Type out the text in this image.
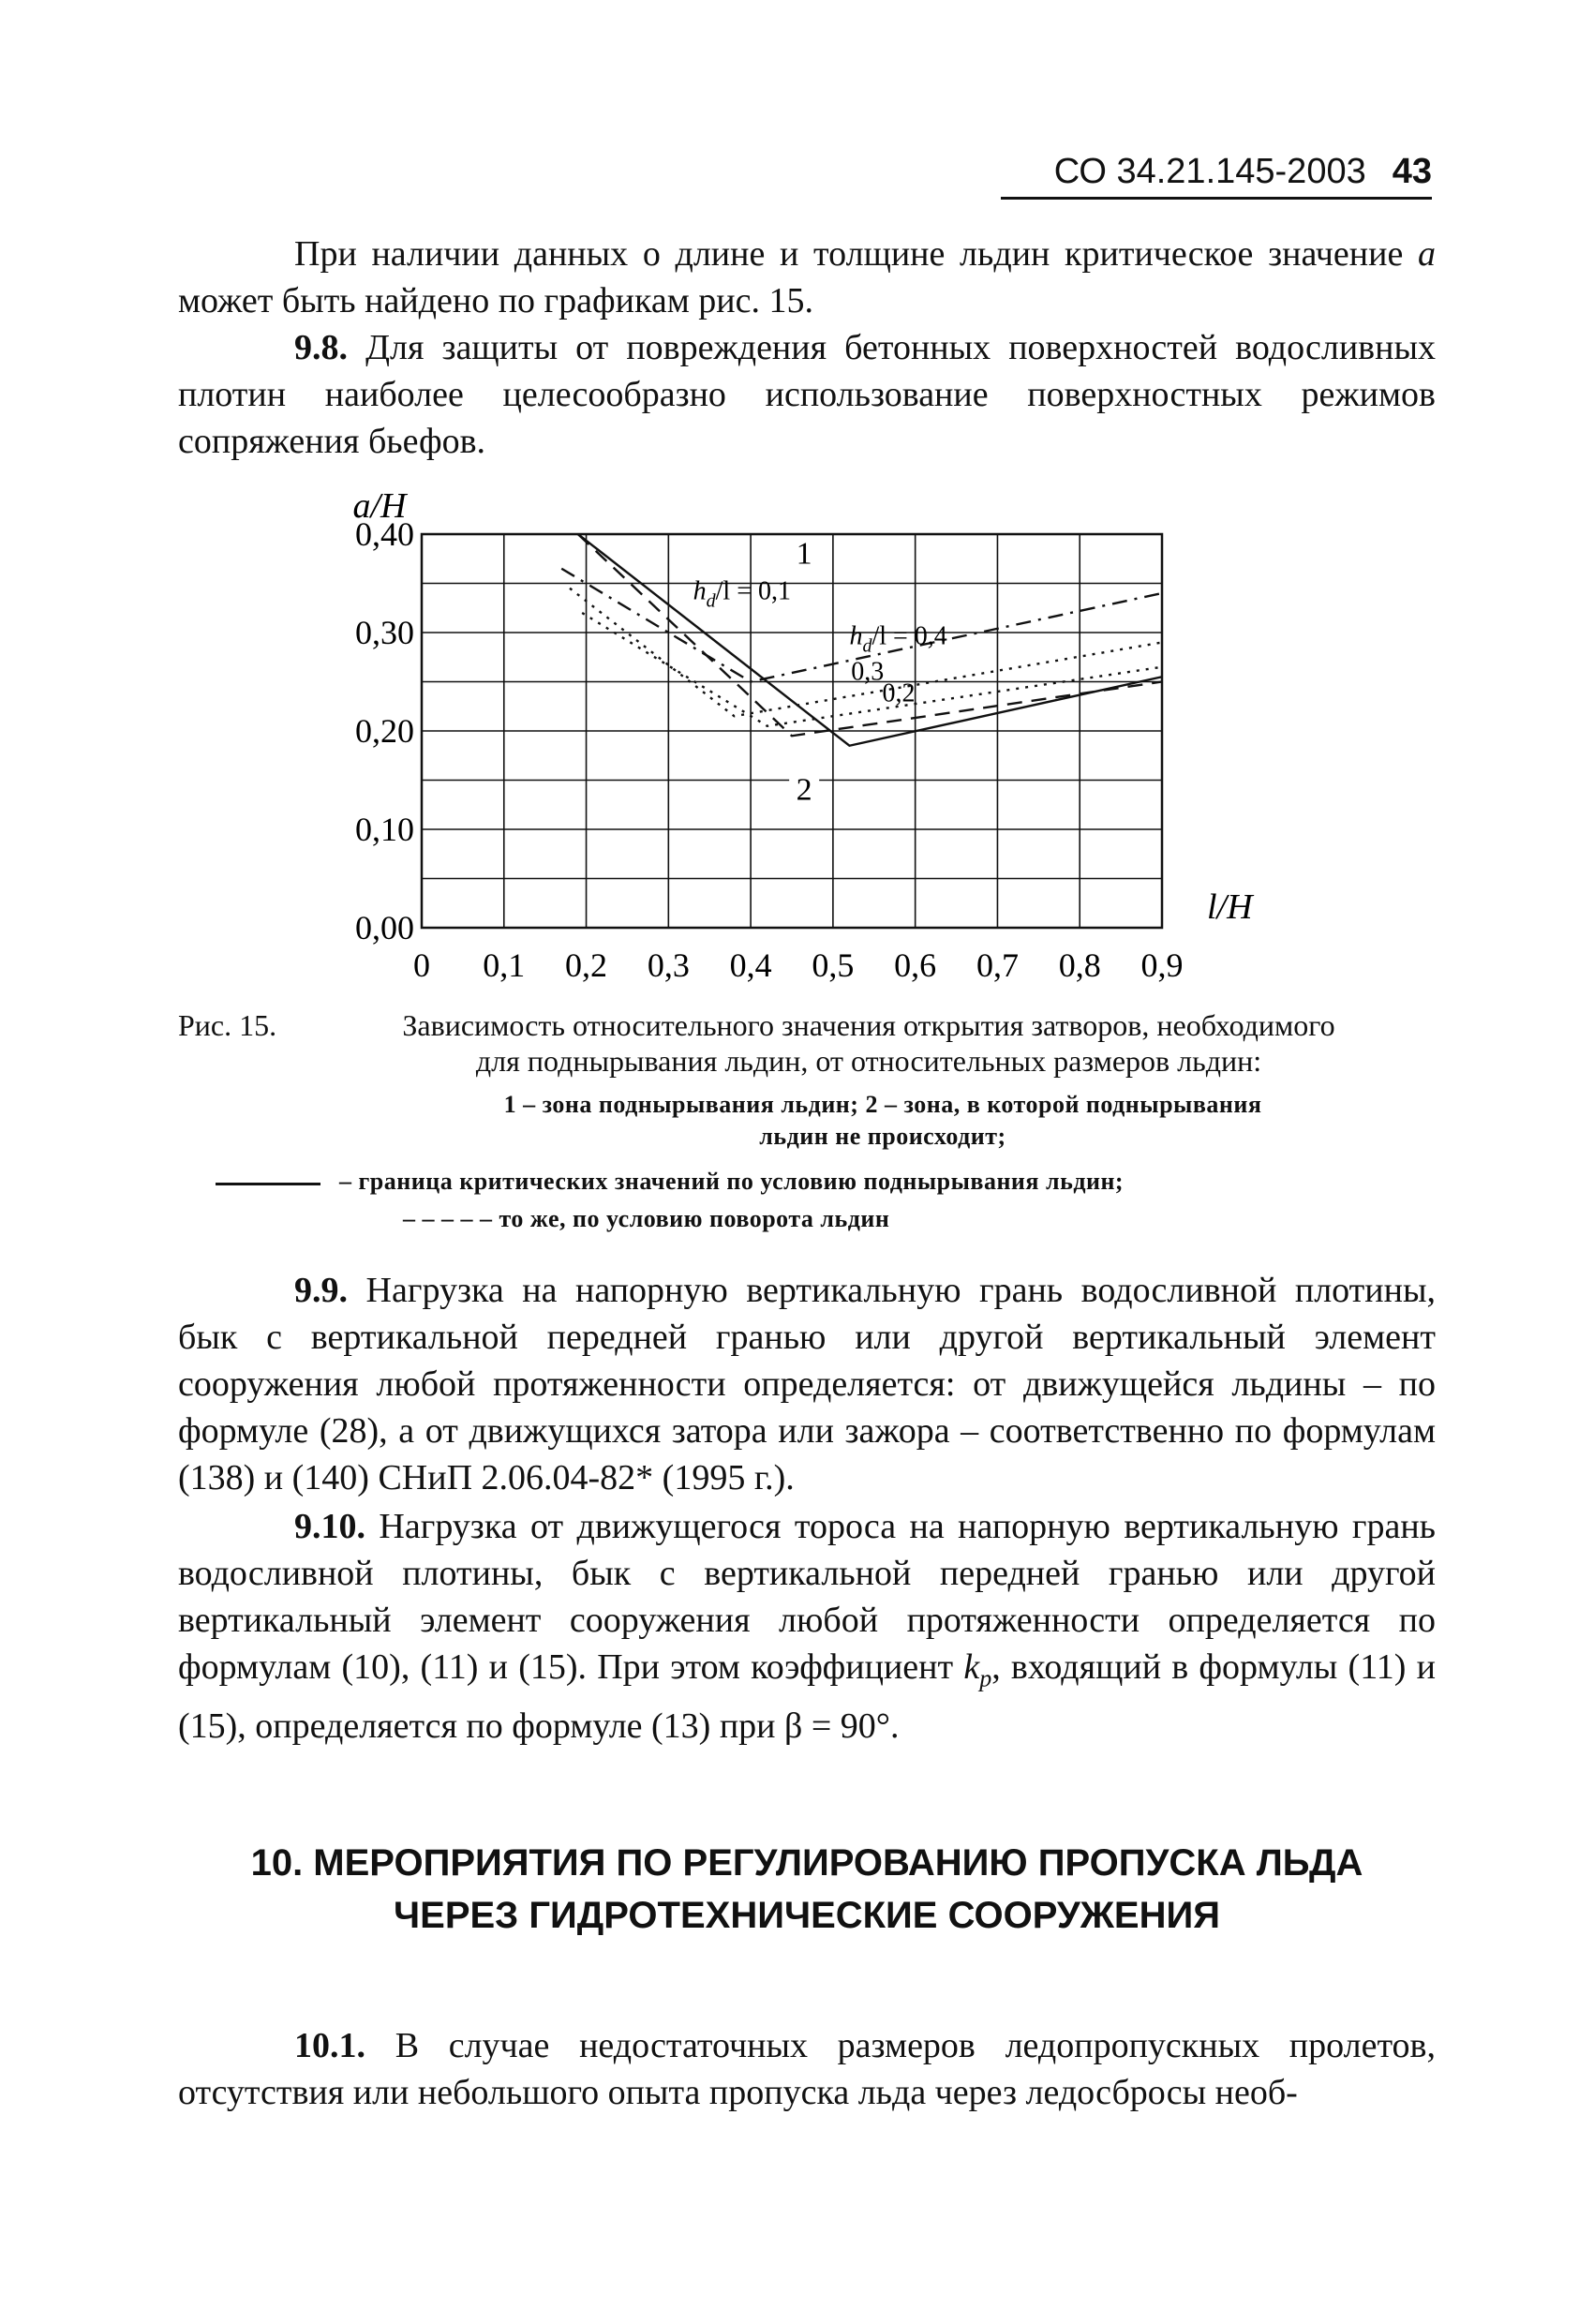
СО 34.21.145-2003 43
При наличии данных о длине и толщине льдин критическое значение a может быть найдено по графикам рис. 15.
9.8. Для защиты от повреждения бетонных поверхностей водосливных плотин наиболее целесообразно использование поверхностных режимов сопряжения бьефов.
0 0,1 0,2 0,3 0,4 0,5 0,6 0,7 0,8 0,9
0,00
0,10
0,20
0,30
0,40
a/H
l/H
1
2
$h_d/l = 0,1$
$h_d/l = 0,4$
0,3
0,2
Рис. 15.	Зависимость относительного значения открытия затворов, необходимого
для поднырывания льдин, от относительных размеров льдин:
1 – зона поднырывания льдин; 2 – зона, в которой поднырывания
льдин не происходит;
– граница критических значений по условию поднырывания льдин;
– – – – – то же, по условию поворота льдин
9.9. Нагрузка на напорную вертикальную грань водосливной плотины, бык с вертикальной передней гранью или другой вертикальный элемент сооружения любой протяженности определяется: от движущейся льдины – по формуле (28), а от движущихся затора или зажора – соответственно по формулам (138) и (140) СНиП 2.06.04-82* (1995 г.).
9.10. Нагрузка от движущегося тороса на напорную вертикальную грань водосливной плотины, бык с вертикальной передней гранью или другой вертикальный элемент сооружения любой протяженности определяется по формулам (10), (11) и (15). При этом коэффициент $k_p$, входящий в формулы (11) и (15), определяется по формуле (13) при β = 90°.
10. МЕРОПРИЯТИЯ ПО РЕГУЛИРОВАНИЮ ПРОПУСКА ЛЬДА
ЧЕРЕЗ ГИДРОТЕХНИЧЕСКИЕ СООРУЖЕНИЯ
10.1. В случае недостаточных размеров ледопропускных пролетов, отсутствия или небольшого опыта пропуска льда через ледосбросы необ-
